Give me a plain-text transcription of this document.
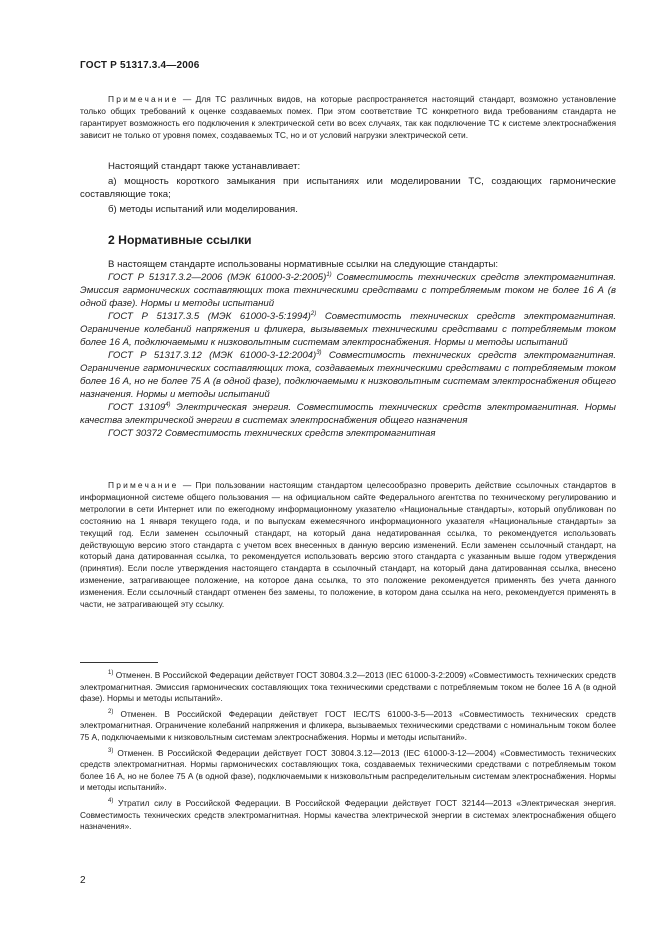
ГОСТ Р 51317.3.4—2006

Примечание — Для ТС различных видов, на которые распространяется настоящий стандарт, возможно установление только общих требований к оценке создаваемых помех. При этом соответствие ТС конкретного вида требованиям стандарта не гарантирует возможность его подключения к электрической сети во всех случаях, так как подключение ТС к системе электроснабжения зависит не только от уровня помех, создаваемых ТС, но и от условий нагрузки электрической сети.

Настоящий стандарт также устанавливает:

а) мощность короткого замыкания при испытаниях или моделировании ТС, создающих гармонические составляющие тока;

б) методы испытаний или моделирования.

2 Нормативные ссылки

В настоящем стандарте использованы нормативные ссылки на следующие стандарты:

ГОСТ Р 51317.3.2—2006 (МЭК 61000-3-2:2005)$^{1)}$ Совместимость технических средств электромагнитная. Эмиссия гармонических составляющих тока техническими средствами с потребляемым током не более 16 А (в одной фазе). Нормы и методы испытаний

ГОСТ Р 51317.3.5 (МЭК 61000-3-5:1994)$^{2)}$ Совместимость технических средств электромагнитная. Ограничение колебаний напряжения и фликера, вызываемых техническими средствами с потребляемым током более 16 А, подключаемыми к низковольтным системам электроснабжения. Нормы и методы испытаний

ГОСТ Р 51317.3.12 (МЭК 61000-3-12:2004)$^{3)}$ Совместимость технических средств электромагнитная. Ограничение гармонических составляющих тока, создаваемых техническими средствами с потребляемым током более 16 А, но не более 75 А (в одной фазе), подключаемыми к низковольтным системам электроснабжения общего назначения. Нормы и методы испытаний

ГОСТ 13109$^{4)}$ Электрическая энергия. Совместимость технических средств электромагнитная. Нормы качества электрической энергии в системах электроснабжения общего назначения

ГОСТ 30372 Совместимость технических средств электромагнитная

Примечание — При пользовании настоящим стандартом целесообразно проверить действие ссылочных стандартов в информационной системе общего пользования — на официальном сайте Федерального агентства по техническому регулированию и метрологии в сети Интернет или по ежегодному информационному указателю «Национальные стандарты», который опубликован по состоянию на 1 января текущего года, и по выпускам ежемесячного информационного указателя «Национальные стандарты» за текущий год. Если заменен ссылочный стандарт, на который дана недатированная ссылка, то рекомендуется использовать действующую версию этого стандарта с учетом всех внесенных в данную версию изменений. Если заменен ссылочный стандарт, на который дана датированная ссылка, то рекомендуется использовать версию этого стандарта с указанным выше годом утверждения (принятия). Если после утверждения настоящего стандарта в ссылочный стандарт, на который дана датированная ссылка, внесено изменение, затрагивающее положение, на которое дана ссылка, то это положение рекомендуется применять без учета данного изменения. Если ссылочный стандарт отменен без замены, то положение, в котором дана ссылка на него, рекомендуется применять в части, не затрагивающей эту ссылку.

$^{1)}$ Отменен. В Российской Федерации действует ГОСТ 30804.3.2—2013 (IEC 61000-3-2:2009) «Совместимость технических средств электромагнитная. Эмиссия гармонических составляющих тока техническими средствами с потребляемым током не более 16 А (в одной фазе). Нормы и методы испытаний».

$^{2)}$ Отменен. В Российской Федерации действует ГОСТ IEC/TS 61000-3-5—2013 «Совместимость технических средств электромагнитная. Ограничение колебаний напряжения и фликера, вызываемых техническими средствами с номинальным током более 75 А, подключаемыми к низковольтным системам электроснабжения. Нормы и методы испытаний».

$^{3)}$ Отменен. В Российской Федерации действует ГОСТ 30804.3.12—2013 (IEC 61000-3-12—2004) «Совместимость технических средств электромагнитная. Нормы гармонических составляющих тока, создаваемых техническими средствами с потребляемым током более 16 А, но не более 75 А (в одной фазе), подключаемыми к низковольтным распределительным системам электроснабжения. Нормы и методы испытаний».

$^{4)}$ Утратил силу в Российской Федерации. В Российской Федерации действует ГОСТ 32144—2013 «Электрическая энергия. Совместимость технических средств электромагнитная. Нормы качества электрической энергии в системах электроснабжения общего назначения».

2
